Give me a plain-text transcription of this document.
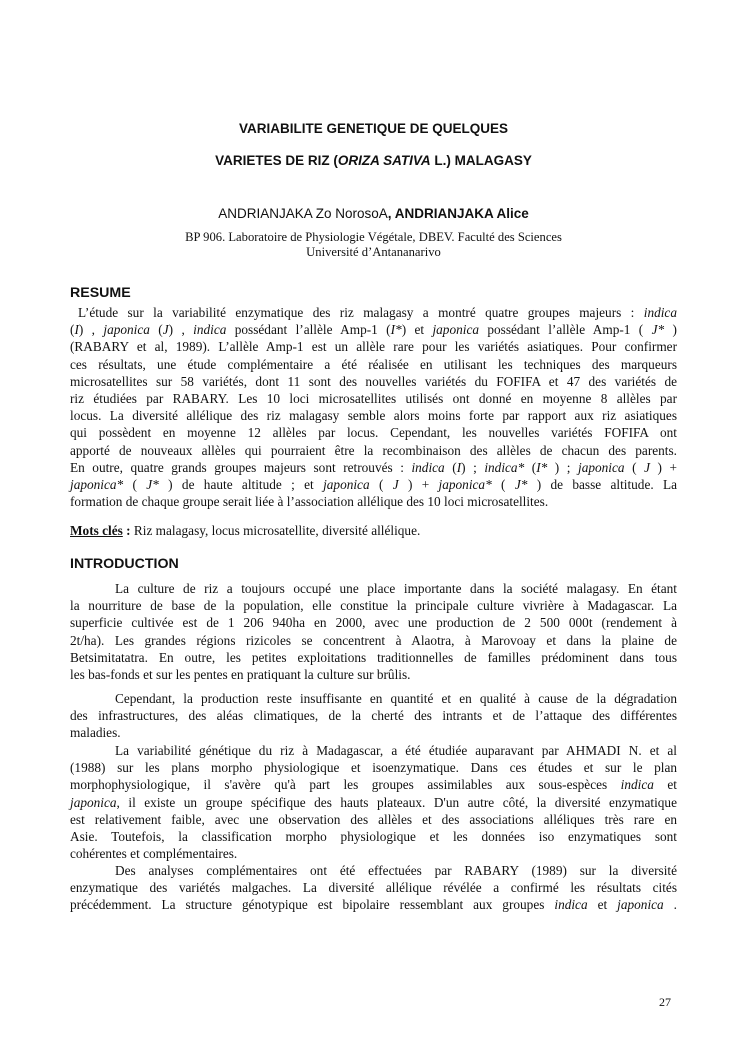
VARIABILITE GENETIQUE DE QUELQUES
VARIETES DE RIZ (ORIZA SATIVA L.) MALAGASY
ANDRIANJAKA Zo NorosoA, ANDRIANJAKA Alice
BP 906. Laboratoire de Physiologie Végétale, DBEV. Faculté des Sciences
Université d’Antananarivo
RESUME
L’étude sur la variabilité enzymatique des riz malagasy a montré quatre groupes majeurs : indica
(I) , japonica (J) , indica possédant l’allèle Amp-1 (I*) et japonica possédant l’allèle Amp-1 ( J* )
(RABARY et al, 1989). L’allèle Amp-1 est un allèle rare pour les variétés asiatiques. Pour confirmer
ces résultats, une étude complémentaire a été réalisée en utilisant les techniques des marqueurs
microsatellites sur 58 variétés, dont 11 sont des nouvelles variétés du FOFIFA et 47 des variétés de
riz étudiées par RABARY. Les 10 loci microsatellites utilisés ont donné en moyenne 8 allèles par
locus. La diversité allélique des riz malagasy semble alors moins forte par rapport aux riz asiatiques
qui possèdent en moyenne 12 allèles par locus. Cependant, les nouvelles variétés FOFIFA ont
apporté de nouveaux allèles qui pourraient être la recombinaison des allèles de chacun des parents.
En outre, quatre grands groupes majeurs sont retrouvés : indica (I) ; indica* (I* ) ; japonica ( J ) +
japonica* ( J* ) de haute altitude ; et japonica ( J ) + japonica* ( J* ) de basse altitude. La
formation de chaque groupe serait liée à l’association allélique des 10 loci microsatellites.
Mots clés : Riz malagasy, locus microsatellite, diversité allélique.
INTRODUCTION
La culture de riz a toujours occupé une place importante dans la société malagasy. En étant
la nourriture de base de la population, elle constitue la principale culture vivrière à Madagascar. La
superficie cultivée est de 1 206 940ha en 2000, avec une production de 2 500 000t (rendement à
2t/ha). Les grandes régions rizicoles se concentrent à Alaotra, à Marovoay et dans la plaine de
Betsimitatatra. En outre, les petites exploitations traditionnelles de familles prédominent dans tous
les bas-fonds et sur les pentes en pratiquant la culture sur brûlis.
Cependant, la production reste insuffisante en quantité et en qualité à cause de la dégradation
des infrastructures, des aléas climatiques, de la cherté des intrants et de l’attaque des différentes
maladies.
La variabilité génétique du riz à Madagascar, a été étudiée auparavant par AHMADI N. et al
(1988) sur les plans morpho physiologique et isoenzymatique. Dans ces études et sur le plan
morphophysiologique, il s'avère qu'à part les groupes assimilables aux sous-espèces indica et
japonica, il existe un groupe spécifique des hauts plateaux. D'un autre côté, la diversité enzymatique
est relativement faible, avec une observation des allèles et des associations alléliques très rare en
Asie. Toutefois, la classification morpho physiologique et les données iso enzymatiques sont
cohérentes et complémentaires.
Des analyses complémentaires ont été effectuées par RABARY (1989) sur la diversité
enzymatique des variétés malgaches. La diversité allélique révélée a confirmé les résultats cités
précédemment. La structure génotypique est bipolaire ressemblant aux groupes indica et japonica .
27
